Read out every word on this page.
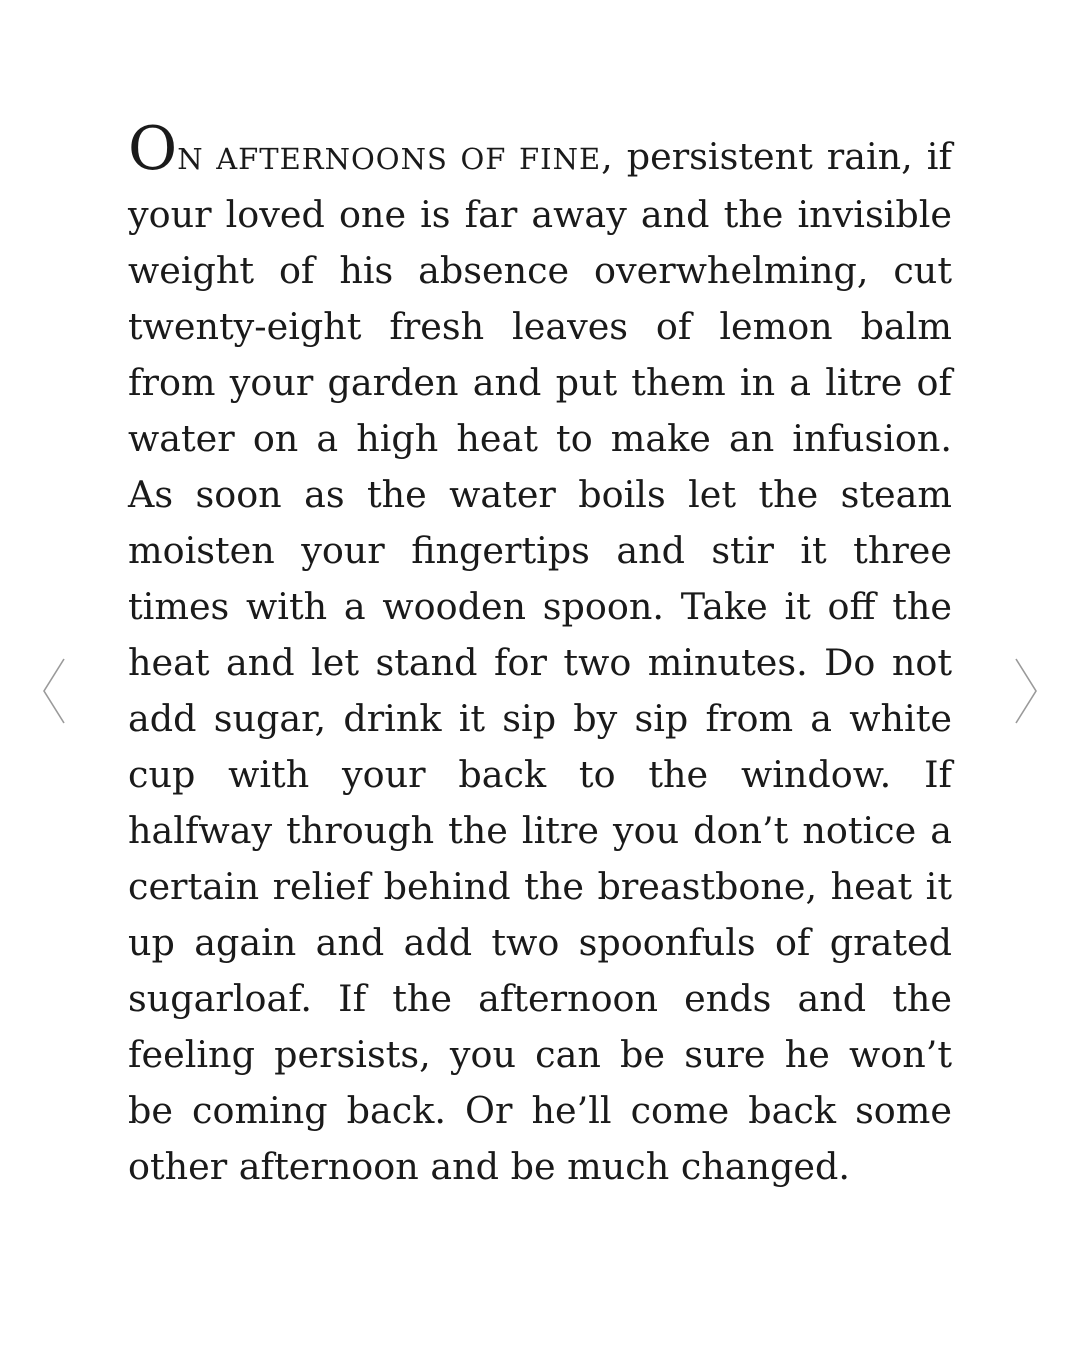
ON AFTERNOONS OF FINE, persistent rain, if your loved one is far away and the invisible weight of his absence overwhelming, cut twenty-eight fresh leaves of lemon balm from your garden and put them in a litre of water on a high heat to make an infusion. As soon as the water boils let the steam moisten your fingertips and stir it three times with a wooden spoon. Take it off the heat and let stand for two minutes. Do not add sugar, drink it sip by sip from a white cup with your back to the window. If halfway through the litre you don’t notice a certain relief behind the breastbone, heat it up again and add two spoonfuls of grated sugarloaf. If the afternoon ends and the feeling persists, you can be sure he won’t be coming back. Or he’ll come back some other afternoon and be much changed.
